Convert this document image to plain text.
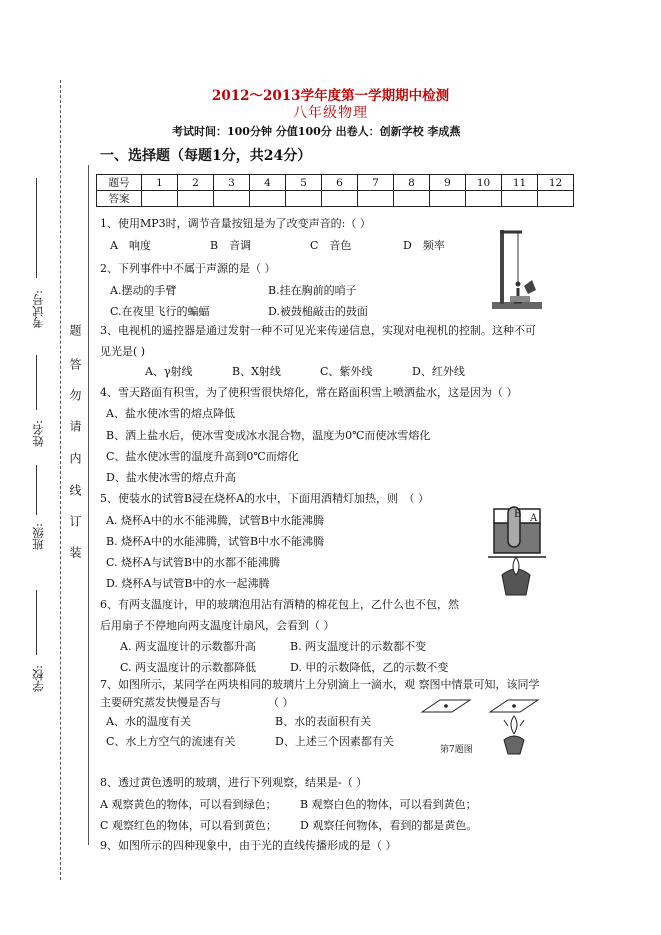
2012～2013学年度第一学期期中检测
八年级物理
考试时间：100分钟 分值100分 出卷人：创新学校 李成燕
一、选择题（每题1分，共24分）
考试号:
姓名:
班级:
学校:
题
答
勿
请
内
线
订
装
题号	1	2	3	4	5	6	7	8	9	10	11	12
答案												
1、使用MP3时，调节音量按钮是为了改变声音的:（ ）
A　响度	B　音调	C　音色	D　频率
2、下列事件中不属于声源的是（ ）
A.摆动的手臂	B.挂在胸前的哨子
C.在夜里飞行的蝙蝠	D.被鼓槌敲击的鼓面
3、电视机的遥控器是通过发射一种不可见光来传递信息，实现对电视机的控制。这种不可
见光是( )
A、γ射线	B、X射线	C、紫外线	D、红外线
4、雪天路面有积雪，为了使积雪很快熔化，常在路面积雪上喷洒盐水，这是因为（ ）
A、盐水使冰雪的熔点降低
B、洒上盐水后，使冰雪变成冰水混合物，温度为0℃而使冰雪熔化
C、盐水使冰雪的温度升高到0℃而熔化
D、盐水使冰雪的熔点升高
5、使装水的试管B浸在烧杯A的水中，下面用酒精灯加热，则　（ ）
A. 烧杯A中的水不能沸腾，试管B中水能沸腾
B. 烧杯A中的水能沸腾，试管B中水不能沸腾
C. 烧杯A与试管B中的水都不能沸腾
D. 烧杯A与试管B中的水一起沸腾
B A
6、有两支温度计，甲的玻璃泡用沾有酒精的棉花包上，乙什么也不包，然
后用扇子不停地向两支温度计扇风，会看到（ ）
A. 两支温度计的示数都升高	B. 两支温度计的示数都不变
C. 两支温度计的示数都降低	D. 甲的示数降低，乙的示数不变
7、如图所示，某同学在两块相同的玻璃片上分别滴上一滴水，观 察图中情景可知，该同学
主要研究蒸发快慢是否与	（ ）
A、水的温度有关	B、水的表面积有关
C、水上方空气的流速有关	D、上述三个因素都有关
第7题图
8、透过黄色透明的玻璃，进行下列观察，结果是-（ ）
A 观察黄色的物体，可以看到绿色； B 观察白色的物体，可以看到黄色；
C 观察红色的物体，可以看到黄色； D 观察任何物体，看到的都是黄色。
9、如图所示的四种现象中，由于光的直线传播形成的是（ ）
